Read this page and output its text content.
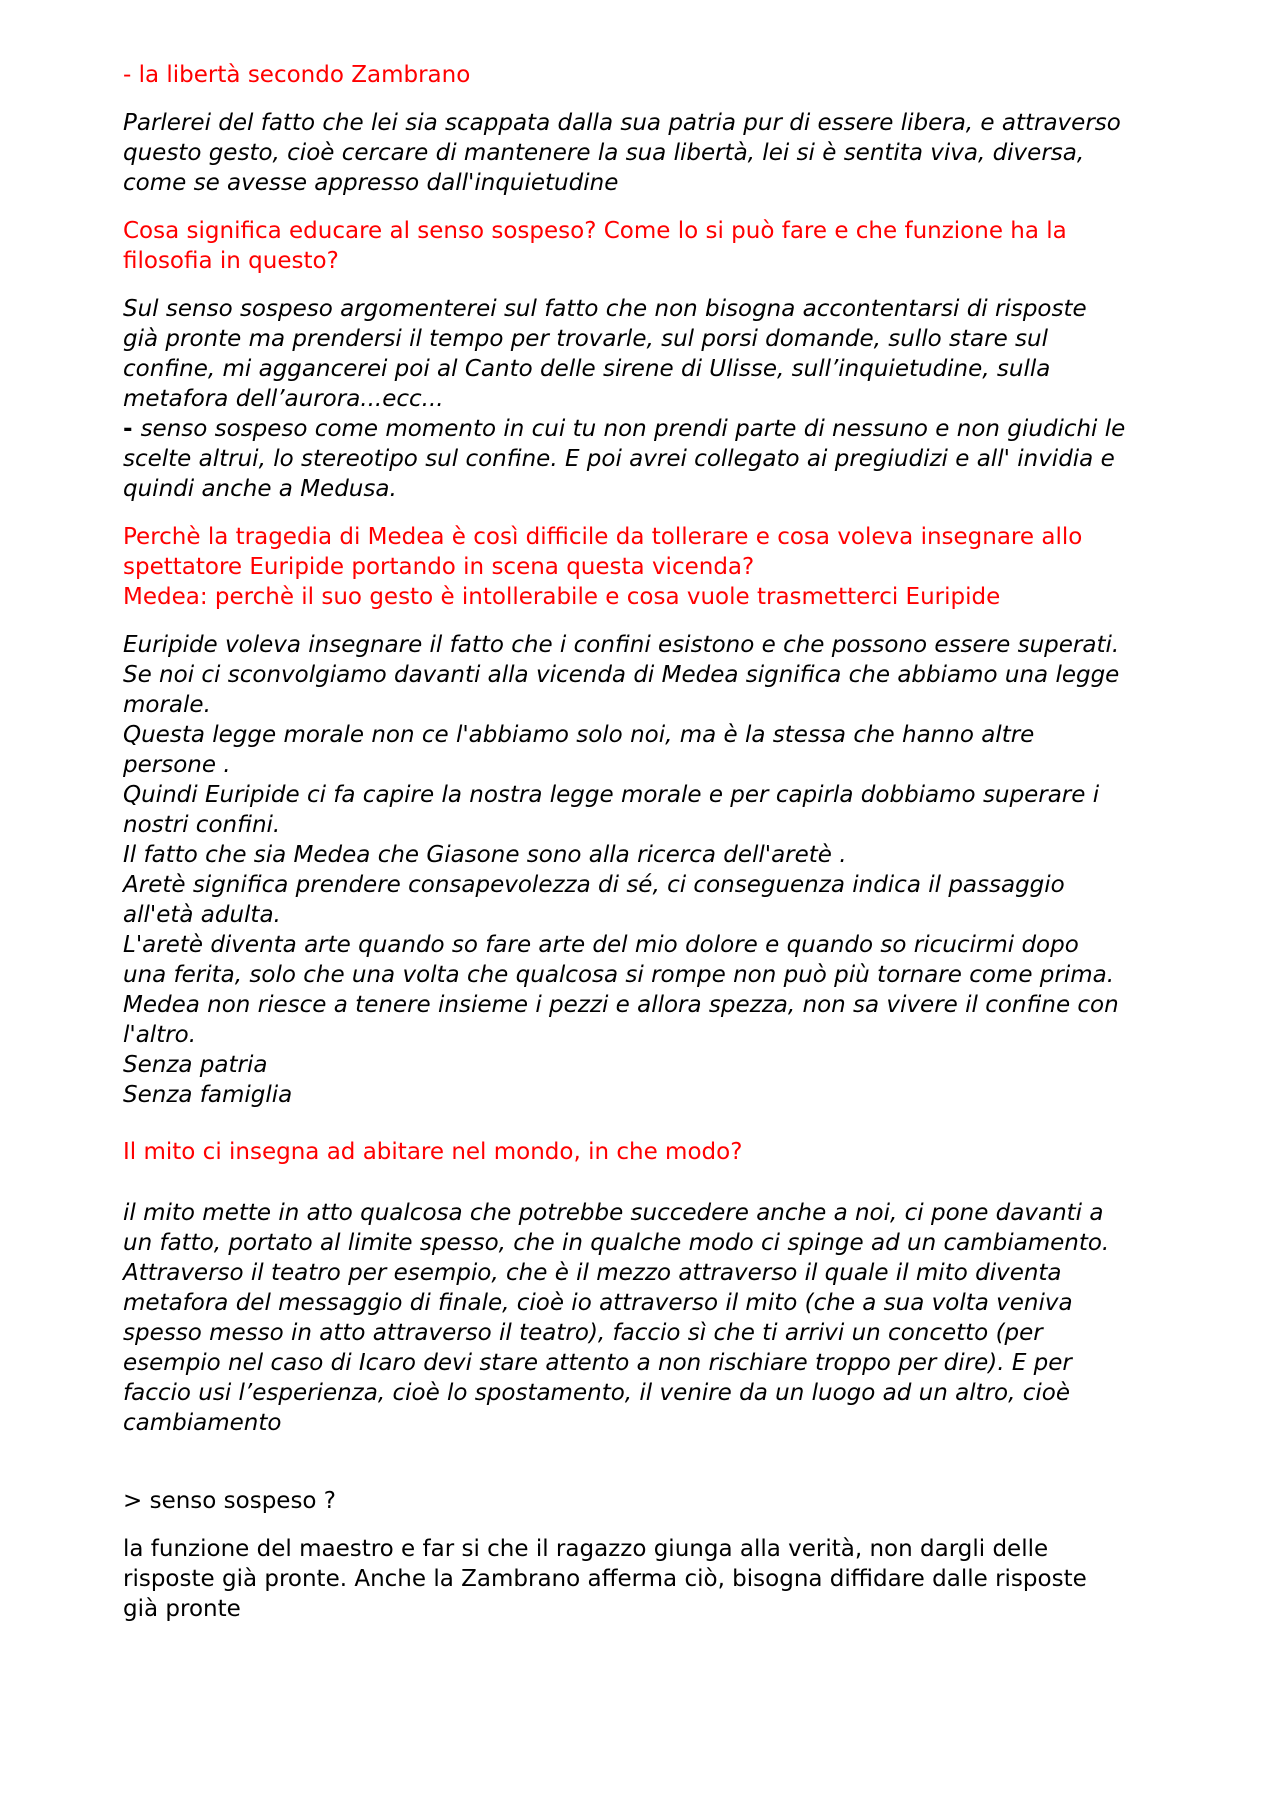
- la libertà secondo Zambrano

Parlerei del fatto che lei sia scappata dalla sua patria pur di essere libera, e attraverso
questo gesto, cioè cercare di mantenere la sua libertà, lei si è sentita viva, diversa,
come se avesse appresso dall'inquietudine

Cosa significa educare al senso sospeso? Come lo si può fare e che funzione ha la
filosofia in questo?

Sul senso sospeso argomenterei sul fatto che non bisogna accontentarsi di risposte
già pronte ma prendersi il tempo per trovarle, sul porsi domande, sullo stare sul
confine, mi aggancerei poi al Canto delle sirene di Ulisse, sull’inquietudine, sulla
metafora dell’aurora...ecc...

- senso sospeso come momento in cui tu non prendi parte di nessuno e non giudichi le
scelte altrui, lo stereotipo sul confine. E poi avrei collegato ai pregiudizi e all' invidia e
quindi anche a Medusa.

Perchè la tragedia di Medea è così difficile da tollerare e cosa voleva insegnare allo
spettatore Euripide portando in scena questa vicenda?
Medea: perchè il suo gesto è intollerabile e cosa vuole trasmetterci Euripide

Euripide voleva insegnare il fatto che i confini esistono e che possono essere superati.
Se noi ci sconvolgiamo davanti alla vicenda di Medea significa che abbiamo una legge
morale.
Questa legge morale non ce l'abbiamo solo noi, ma è la stessa che hanno altre
persone .
Quindi Euripide ci fa capire la nostra legge morale e per capirla dobbiamo superare i
nostri confini.
Il fatto che sia Medea che Giasone sono alla ricerca dell'aretè .
Aretè significa prendere consapevolezza di sé, ci conseguenza indica il passaggio
all'età adulta.
L'aretè diventa arte quando so fare arte del mio dolore e quando so ricucirmi dopo
una ferita, solo che una volta che qualcosa si rompe non può più tornare come prima.
Medea non riesce a tenere insieme i pezzi e allora spezza, non sa vivere il confine con
l'altro.
Senza patria
Senza famiglia

Il mito ci insegna ad abitare nel mondo, in che modo?

il mito mette in atto qualcosa che potrebbe succedere anche a noi, ci pone davanti a
un fatto, portato al limite spesso, che in qualche modo ci spinge ad un cambiamento.
Attraverso il teatro per esempio, che è il mezzo attraverso il quale il mito diventa
metafora del messaggio di finale, cioè io attraverso il mito (che a sua volta veniva
spesso messo in atto attraverso il teatro), faccio sì che ti arrivi un concetto (per
esempio nel caso di Icaro devi stare attento a non rischiare troppo per dire). E per
faccio usi l’esperienza, cioè lo spostamento, il venire da un luogo ad un altro, cioè
cambiamento

> senso sospeso ?

la funzione del maestro e far si che il ragazzo giunga alla verità, non dargli delle
risposte già pronte. Anche la Zambrano afferma ciò, bisogna diffidare dalle risposte
già pronte
